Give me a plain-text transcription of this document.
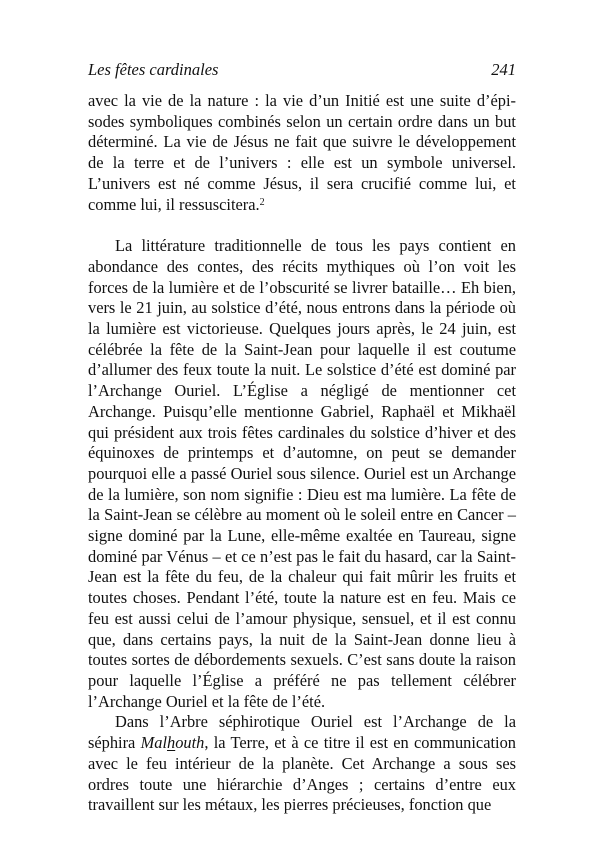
Les fêtes cardinales	241

avec la vie de la nature : la vie d’un Initié est une suite d’épisodes symboliques combinés selon un certain ordre dans un but déterminé. La vie de Jésus ne fait que suivre le développement de la terre et de l’univers : elle est un symbole universel. L’univers est né comme Jésus, il sera crucifié comme lui, et comme lui, il ressuscitera.$^2$

La littérature traditionnelle de tous les pays contient en abondance des contes, des récits mythiques où l’on voit les forces de la lumière et de l’obscurité se livrer bataille… Eh bien, vers le 21 juin, au solstice d’été, nous entrons dans la période où la lumière est victorieuse. Quelques jours après, le 24 juin, est célébrée la fête de la Saint-Jean pour laquelle il est coutume d’allumer des feux toute la nuit. Le solstice d’été est dominé par l’Archange Ouriel. L’Église a négligé de mentionner cet Archange. Puisqu’elle mentionne Gabriel, Raphaël et Mikhaël qui président aux trois fêtes cardinales du solstice d’hiver et des équinoxes de printemps et d’automne, on peut se demander pourquoi elle a passé Ouriel sous silence. Ouriel est un Archange de la lumière, son nom signifie : Dieu est ma lumière. La fête de la Saint-Jean se célèbre au moment où le soleil entre en Cancer – signe dominé par la Lune, elle-même exaltée en Taureau, signe dominé par Vénus – et ce n’est pas le fait du hasard, car la Saint-Jean est la fête du feu, de la chaleur qui fait mûrir les fruits et toutes choses. Pendant l’été, toute la nature est en feu. Mais ce feu est aussi celui de l’amour physique, sensuel, et il est connu que, dans certains pays, la nuit de la Saint-Jean donne lieu à toutes sortes de débordements sexuels. C’est sans doute la raison pour laquelle l’Église a préféré ne pas tellement célébrer l’Archange Ouriel et la fête de l’été.

Dans l’Arbre séphirotique Ouriel est l’Archange de la séphira Malhouth, la Terre, et à ce titre il est en communication avec le feu intérieur de la planète. Cet Archange a sous ses ordres toute une hiérarchie d’Anges ; certains d’entre eux travaillent sur les métaux, les pierres précieuses, fonction que
